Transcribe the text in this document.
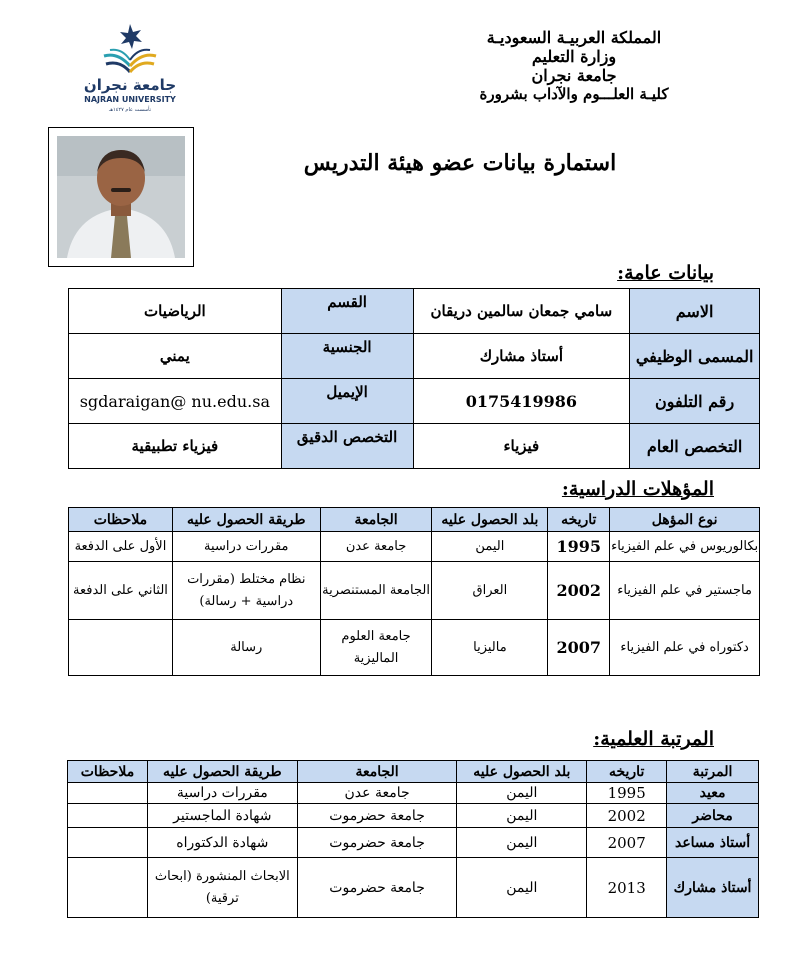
جامعة نجران
NAJRAN UNIVERSITY
تأسست عام ١٤٢٧هـ
المملكة العربيـة السعوديـة
وزارة التعليم
جامعة نجران
كليـة العلـــوم والآداب بشرورة
استمارة بيانات عضو هيئة التدريس
بيانات عامة:
الاسم	سامي جمعان سالمين دريقان	القسم	الرياضيات
المسمى الوظيفي	أستاذ مشارك	الجنسية	يمني
رقم التلفون	0175419986	الإيميل	sgdaraigan@ nu.edu.sa
التخصص العام	فيزياء	التخصص الدقيق	فيزياء تطبيقية
المؤهلات الدراسية:
نوع المؤهل	تاريخه	بلد الحصول عليه	الجامعة	طريقة الحصول عليه	ملاحظات
بكالوريوس في علم الفيزياء	1995	اليمن	جامعة عدن	مقررات دراسية	الأول على الدفعة
ماجستير في علم الفيزياء	2002	العراق	الجامعة المستنصرية	نظام مختلط (مقررات دراسية + رسالة)	الثاني على الدفعة
دكتوراه في علم الفيزياء	2007	ماليزيا	جامعة العلوم الماليزية	رسالة	
المرتبة العلمية:
المرتبة	تاريخه	بلد الحصول عليه	الجامعة	طريقة الحصول عليه	ملاحظات
معيد	1995	اليمن	جامعة عدن	مقررات دراسية	
محاضر	2002	اليمن	جامعة حضرموت	شهادة الماجستير	
أستاذ مساعد	2007	اليمن	جامعة حضرموت	شهادة الدكتوراه	
أستاذ مشارك	2013	اليمن	جامعة حضرموت	الابحاث المنشورة (ابحاث ترقية)	
